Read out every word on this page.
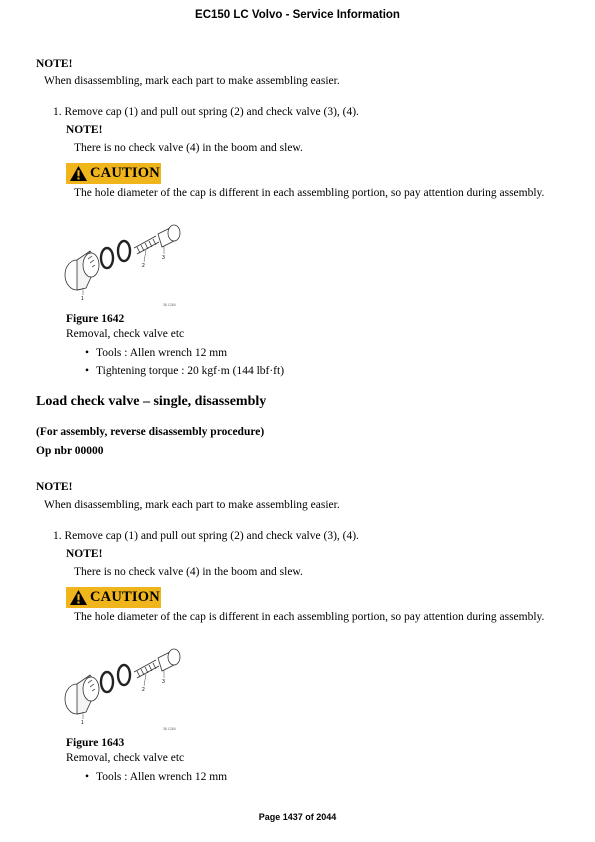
EC150 LC Volvo - Service Information
NOTE!
When disassembling, mark each part to make assembling easier.
1. Remove cap (1) and pull out spring (2) and check valve (3), (4).
NOTE!
There is no check valve (4) in the boom and slew.
CAUTION
The hole diameter of the cap is different in each assembling portion, so pay attention during assembly.
1
2
3
36 1284
Figure 1642
Removal, check valve etc
• Tools : Allen wrench 12 mm
• Tightening torque : 20 kgf·m (144 lbf·ft)
Load check valve – single, disassembly
(For assembly, reverse disassembly procedure)
Op nbr 00000
NOTE!
When disassembling, mark each part to make assembling easier.
1. Remove cap (1) and pull out spring (2) and check valve (3), (4).
NOTE!
There is no check valve (4) in the boom and slew.
CAUTION
The hole diameter of the cap is different in each assembling portion, so pay attention during assembly.
1
2
3
36 1284
Figure 1643
Removal, check valve etc
• Tools : Allen wrench 12 mm
Page 1437 of 2044
